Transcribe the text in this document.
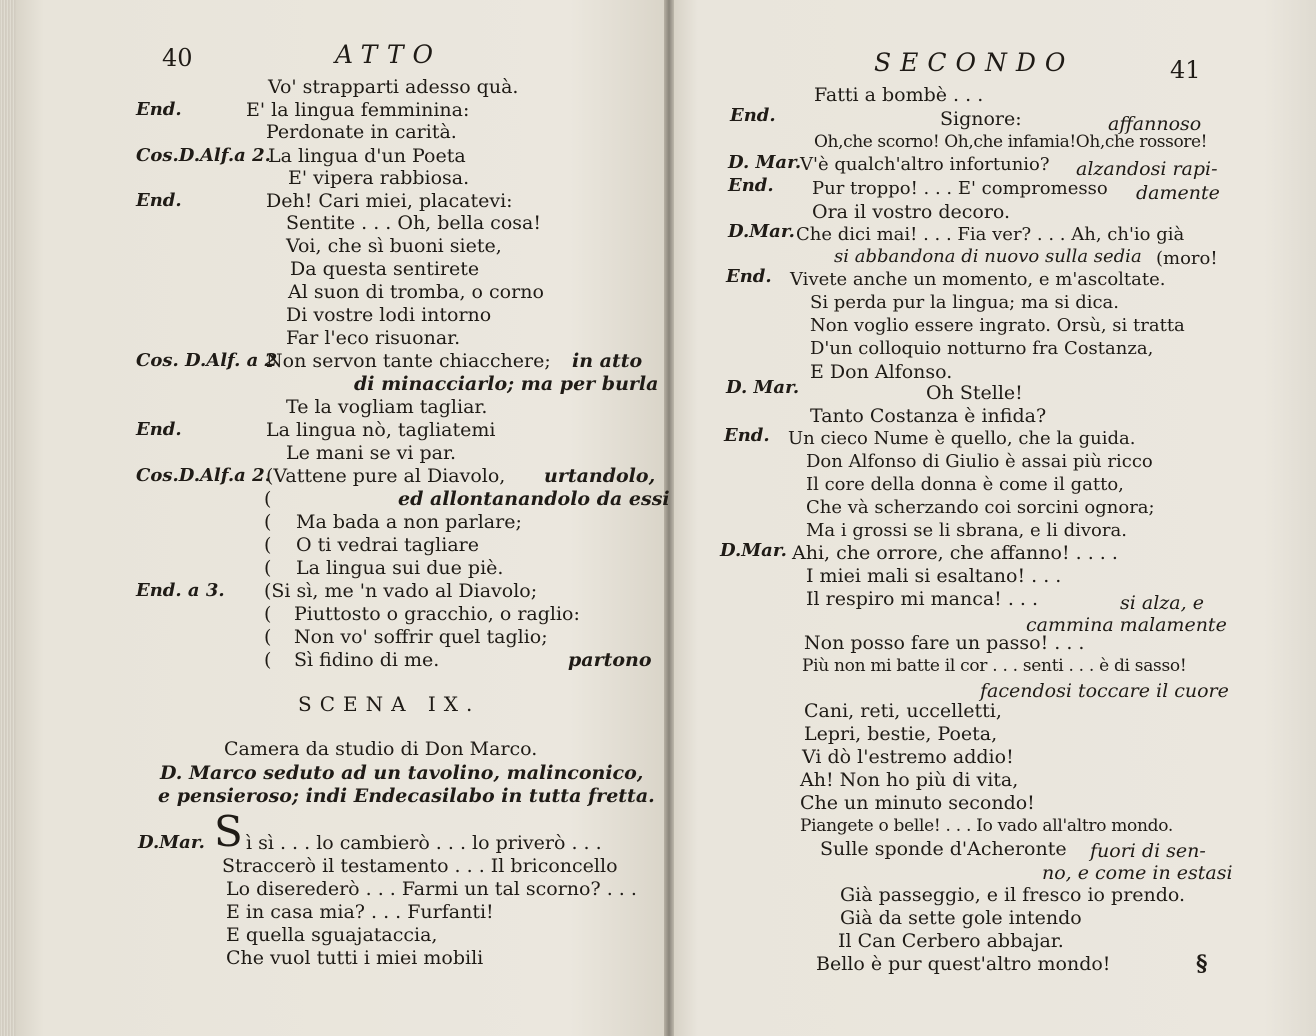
40	ATTO
Vo' strapparti adesso quà.
End.	E' la lingua femminina:
Perdonate in carità.
Cos.D.Alf.a 2.
La lingua d'un Poeta
E' vipera rabbiosa.
End.	Deh! Cari miei, placatevi:
Sentite . . . Oh, bella cosa!
Voi, che sì buoni siete,
Da questa sentirete
Al suon di tromba, o corno
Di vostre lodi intorno
Far l'eco risuonar.
Cos. D.Alf. a 2
Non servon tante chiacchere; in atto
di minacciarlo; ma per burla
Te la vogliam tagliar.
End.	La lingua nò, tagliatemi
Le mani se vi par.
Cos.D.Alf.a 2.
(Vattene pure al Diavolo, urtandolo,
(	ed allontanandolo da essi
( Ma bada a non parlare;
( O ti vedrai tagliare
( La lingua sui due piè.
End. a 3. (Si sì, me 'n vado al Diavolo;
( Piuttosto o gracchio, o raglio:
( Non vo' soffrir quel taglio;
( Sì fidino di me.	partono
SCENA IX.
Camera da studio di Don Marco.
D. Marco seduto ad un tavolino, malinconico,
e pensieroso; indi Endecasilabo in tutta fretta.
D.Mar. S ì sì . . . lo cambierò . . . lo priverò . . .
Straccerò il testamento . . . Il briconcello
Lo diserederò . . . Farmi un tal scorno? . . .
E in casa mia? . . . Furfanti!
E quella sguajataccia,
Che vuol tutti i miei mobili
SECONDO	41
Fatti a bombè . . .
End.	Signore:	affannoso
Oh,che scorno! Oh,che infamia!Oh,che rossore!
D. Mar.
V'è qualch'altro infortunio? alzandosi rapi-
End. Pur troppo! . . . E' compromesso damente
Ora il vostro decoro.
D.Mar. Che dici mai! . . . Fia ver? . . . Ah, ch'io già
si abbandona di nuovo sulla sedia (moro!
End. Vivete anche un momento, e m'ascoltate.
Si perda pur la lingua; ma si dica.
Non voglio essere ingrato. Orsù, si tratta
D'un colloquio notturno fra Costanza,
E Don Alfonso.
D. Mar.	Oh Stelle!
Tanto Costanza è infida?
End. Un cieco Nume è quello, che la guida.
Don Alfonso di Giulio è assai più ricco
Il core della donna è come il gatto,
Che và scherzando coi sorcini ognora;
Ma i grossi se li sbrana, e li divora.
D.Mar. Ahi, che orrore, che affanno! . . . .
I miei mali si esaltano! . . .
Il respiro mi manca! . . .	si alza, e
cammina malamente
Non posso fare un passo! . . .
Più non mi batte il cor . . . senti . . . è di sasso!
facendosi toccare il cuore
Cani, reti, uccelletti,
Lepri, bestie, Poeta,
Vi dò l'estremo addio!
Ah! Non ho più di vita,
Che un minuto secondo!
Piangete o belle! . . . Io vado all'altro mondo.
Sulle sponde d'Acheronte fuori di sen-
no, e come in estasi
Già passeggio, e il fresco io prendo.
Già da sette gole intendo
Il Can Cerbero abbajar.
Bello è pur quest'altro mondo!	§
